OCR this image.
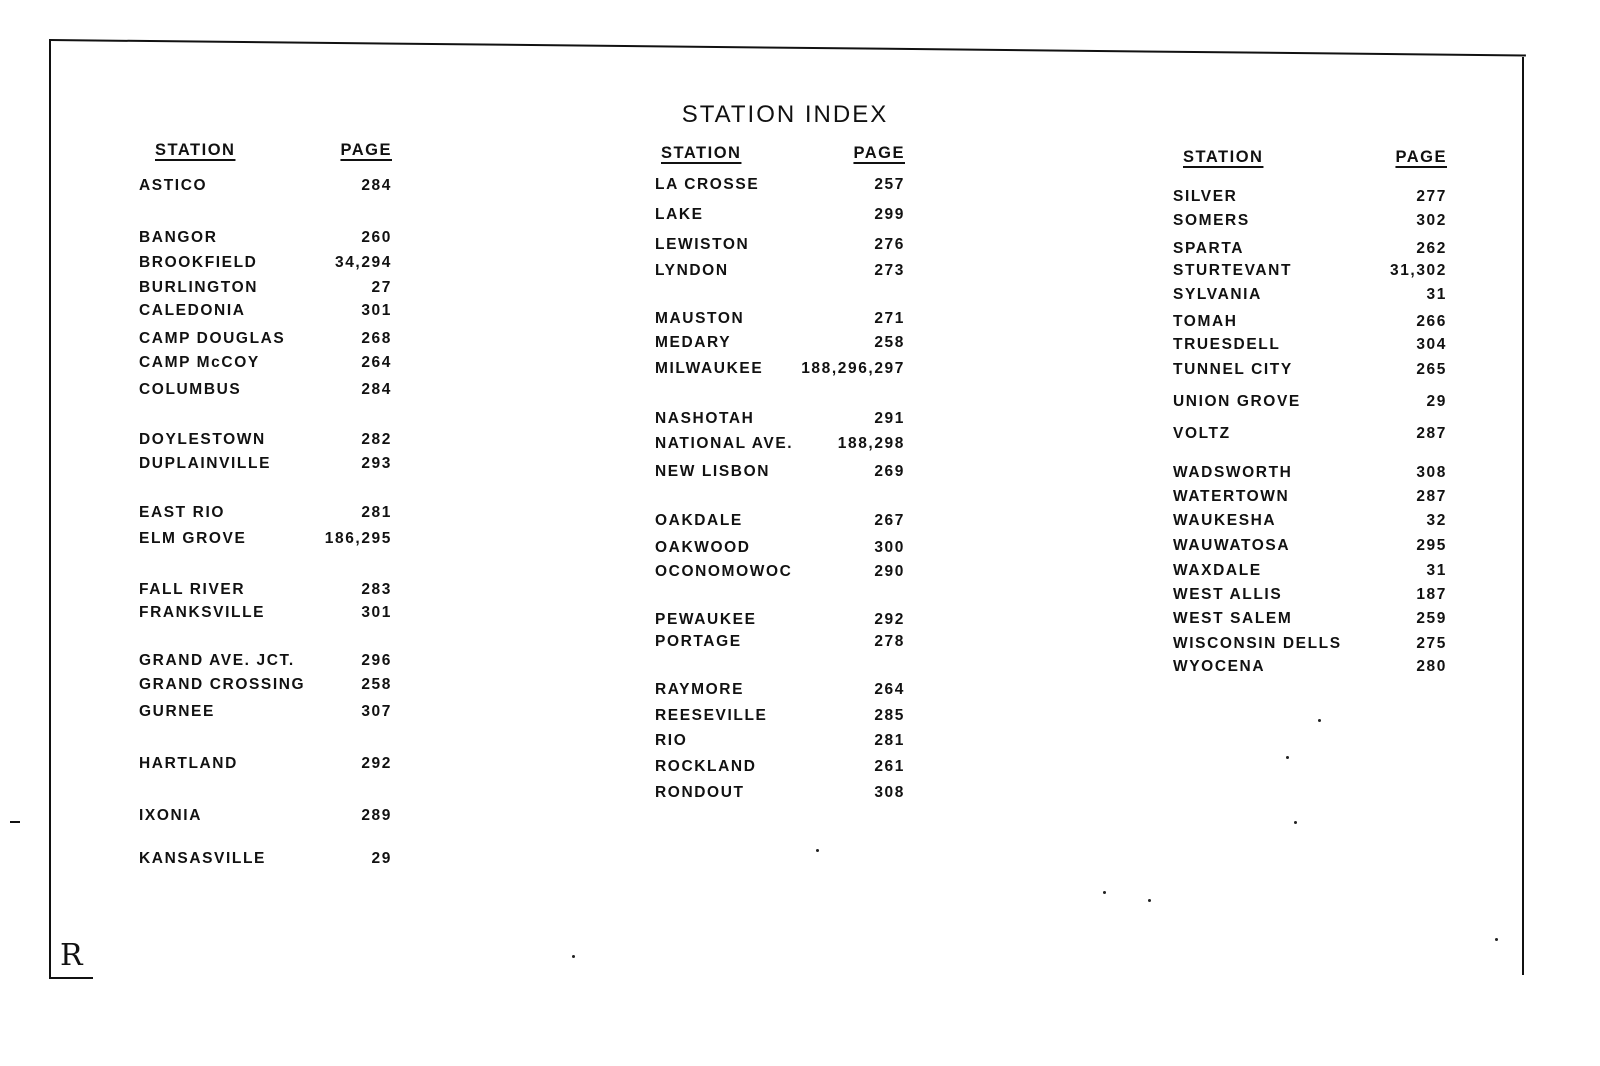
R
STATION INDEX
STATION	PAGE
ASTICO	284
BANGOR	260
BROOKFIELD	34,294
BURLINGTON	27
CALEDONIA	301
CAMP DOUGLAS	268
CAMP McCOY	264
COLUMBUS	284
DOYLESTOWN	282
DUPLAINVILLE	293
EAST RIO	281
ELM GROVE	186,295
FALL RIVER	283
FRANKSVILLE	301
GRAND AVE. JCT.	296
GRAND CROSSING	258
GURNEE	307
HARTLAND	292
IXONIA	289
KANSASVILLE	29
STATION	PAGE
LA CROSSE	257
LAKE	299
LEWISTON	276
LYNDON	273
MAUSTON	271
MEDARY	258
MILWAUKEE 188,296,297
NASHOTAH	291
NATIONAL AVE.	188,298
NEW LISBON	269
OAKDALE	267
OAKWOOD	300
OCONOMOWOC	290
PEWAUKEE	292
PORTAGE	278
RAYMORE	264
REESEVILLE	285
RIO	281
ROCKLAND	261
RONDOUT	308
STATION	PAGE
SILVER	277
SOMERS	302
SPARTA	262
STURTEVANT	31,302
SYLVANIA	31
TOMAH	266
TRUESDELL	304
TUNNEL CITY	265
UNION GROVE	29
VOLTZ	287
WADSWORTH	308
WATERTOWN	287
WAUKESHA	32
WAUWATOSA	295
WAXDALE	31
WEST ALLIS	187
WEST SALEM	259
WISCONSIN DELLS	275
WYOCENA	280
